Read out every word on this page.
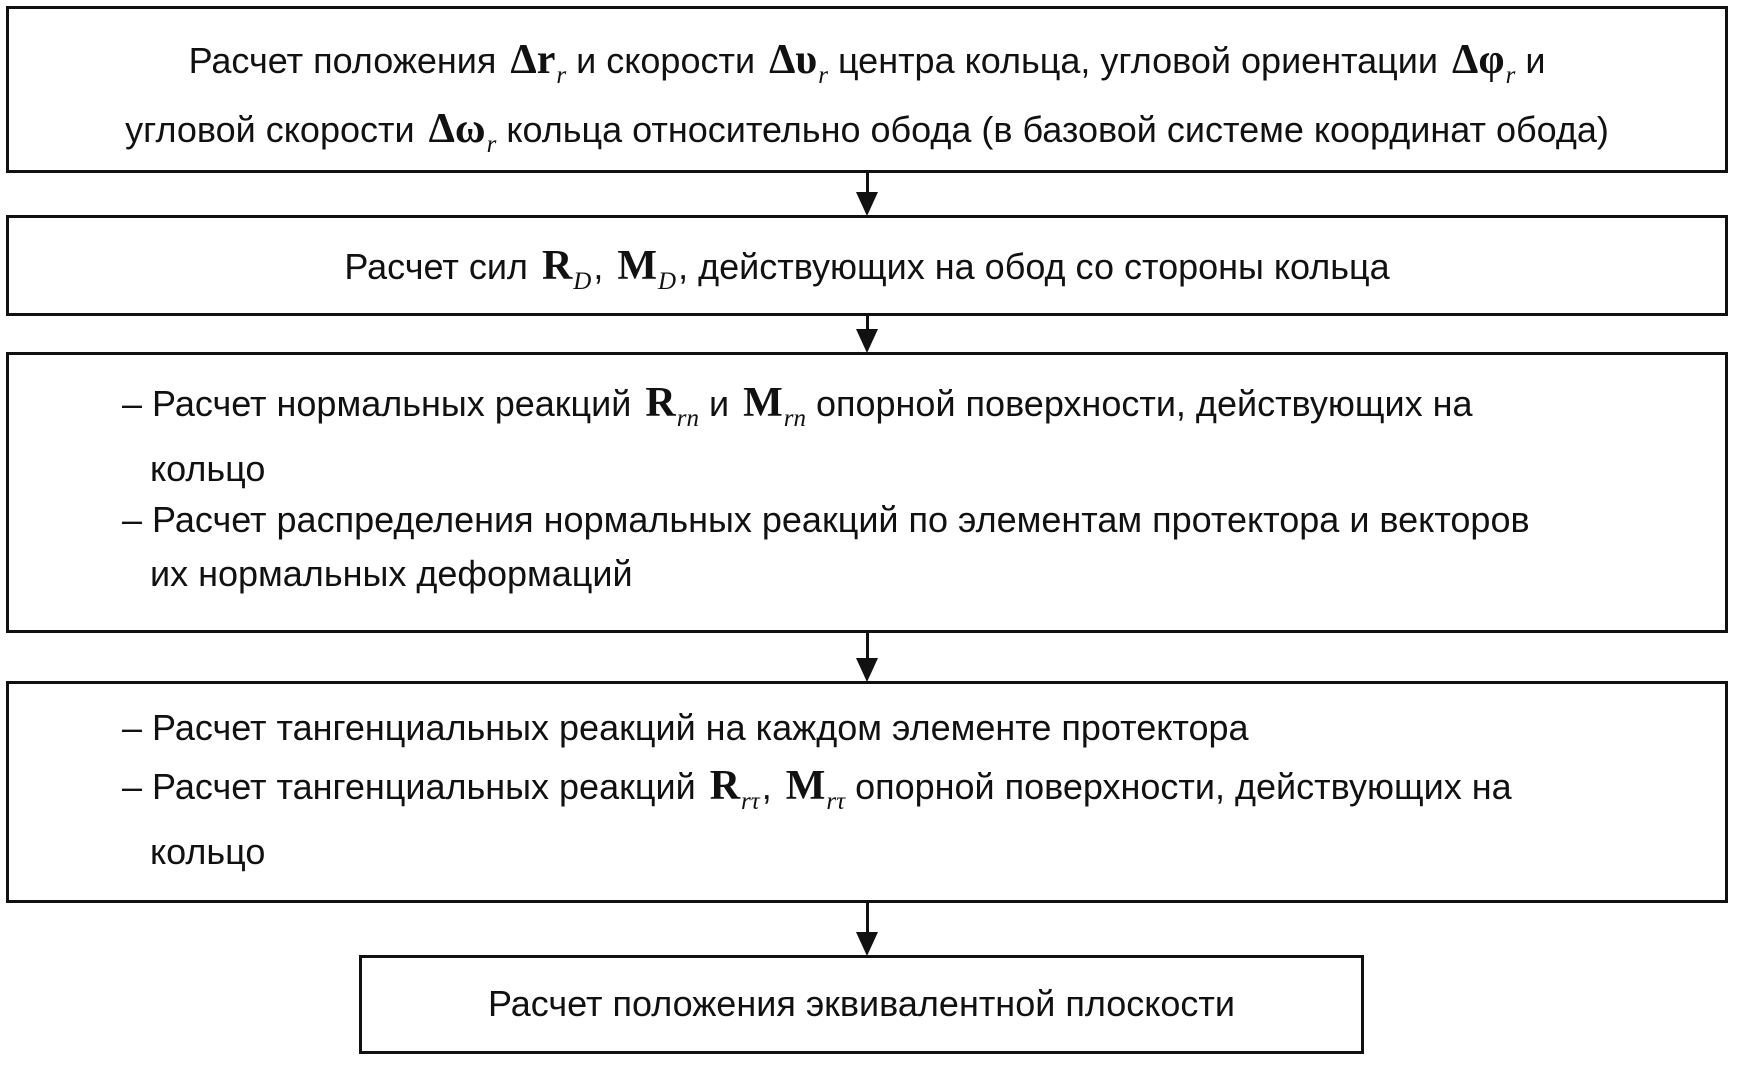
Расчет положения $\Delta r_r$ и скорости $\Delta\upsilon_r$ центра кольца, угловой ориентации $\Delta\varphi_r$ и
угловой скорости $\Delta\omega_r$ кольца относительно обода (в базовой системе координат обода)
Расчет сил $R_D$, $M_D$, действующих на обод со стороны кольца
– Расчет нормальных реакций $R_{rn}$ и $M_{rn}$ опорной поверхности, действующих на
кольцо
– Расчет распределения нормальных реакций по элементам протектора и векторов
их нормальных деформаций
– Расчет тангенциальных реакций на каждом элементе протектора
– Расчет тангенциальных реакций $R_{r\tau}$, $M_{r\tau}$ опорной поверхности, действующих на
кольцо
Расчет положения эквивалентной плоскости
